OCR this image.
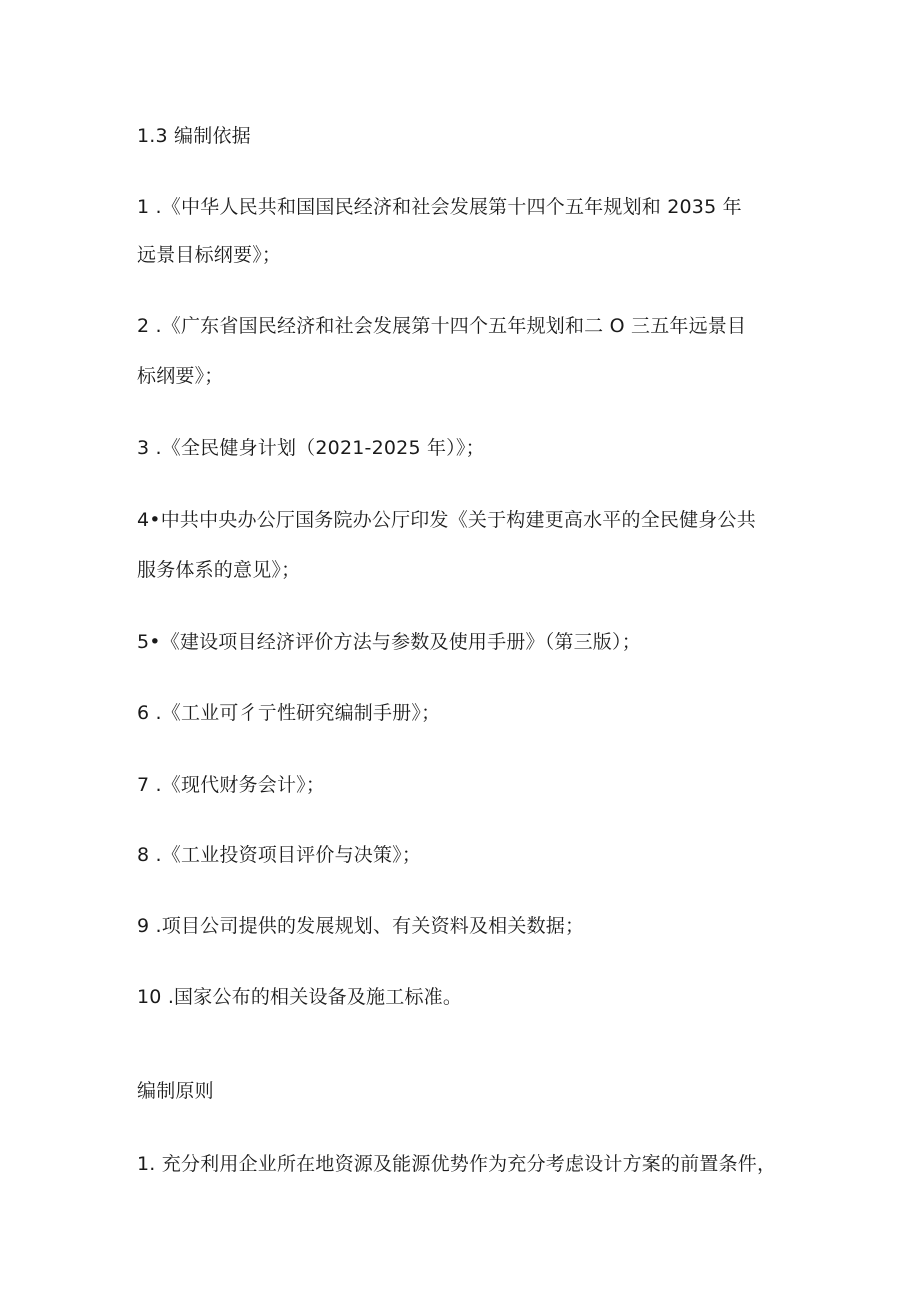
1.3 编制依据

1 .《中华人民共和国国民经济和社会发展第十四个五年规划和 2035 年

远景目标纲要》；

2 .《广东省国民经济和社会发展第十四个五年规划和二 O 三五年远景目

标纲要》；

3 .《全民健身计划（2021-2025 年）》；

4•中共中央办公厅国务院办公厅印发《关于构建更高水平的全民健身公共

服务体系的意见》；

5•《建设项目经济评价方法与参数及使用手册》（第三版）；

6 .《工业可彳亍性研究编制手册》；

7 .《现代财务会计》；

8 .《工业投资项目评价与决策》；

9 .项目公司提供的发展规划、有关资料及相关数据；

10 .国家公布的相关设备及施工标准。

编制原则

1. 充分利用企业所在地资源及能源优势作为充分考虑设计方案的前置条件，
